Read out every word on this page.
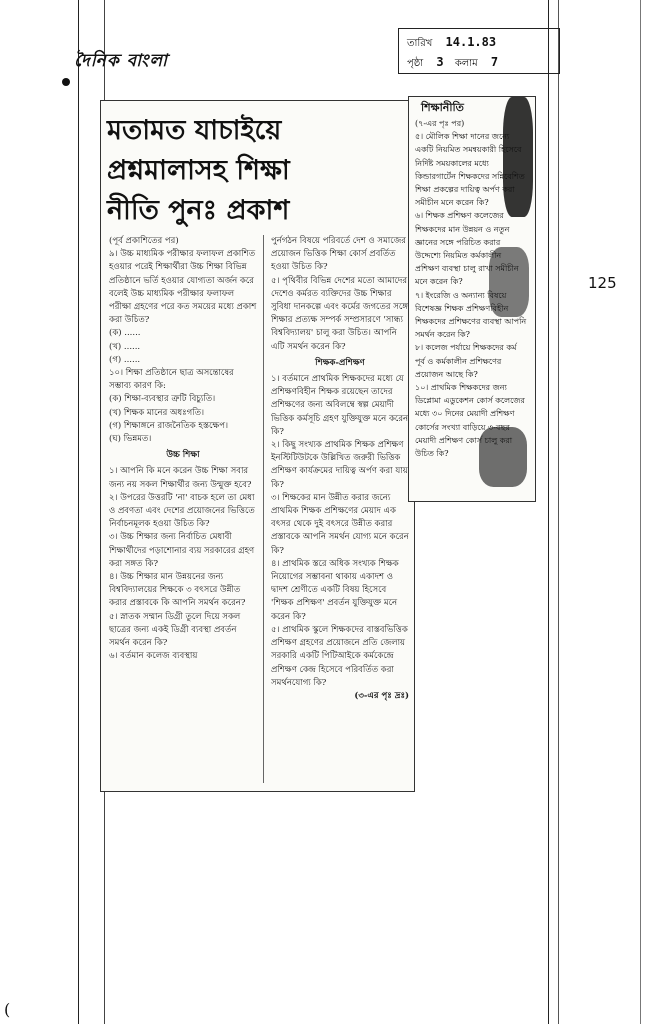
দৈনিক বাংলা
তারিখ 14.1.83
পৃষ্ঠা 3 কলাম 7
মতামত যাচাইয়ে
প্রশ্নমালাসহ শিক্ষা
নীতি পুনঃ প্রকাশ

(পূর্ব প্রকাশিতের পর)

৯। উচ্চ মাধ্যমিক পরীক্ষার ফলাফল প্রকাশিত হওয়ার পরেই শিক্ষার্থীরা উচ্চ শিক্ষা বিভিন্ন প্রতিষ্ঠানে ভর্তি হওয়ার যোগ্যতা অর্জন করে বলেই উচ্চ মাধ্যমিক পরীক্ষার ফলাফল পরীক্ষা গ্রহণের পরে কত সময়ের মধ্যে প্রকাশ করা উচিত?

(ক) ......

(খ) ......

(গ) ......

১০। শিক্ষা প্রতিষ্ঠানে ছাত্র অসন্তোষের সম্ভাব্য কারণ কি:

(ক) শিক্ষা-ব্যবস্থার ত্রুটি বিচ্যুতি।

(খ) শিক্ষক মানের অধঃগতি।

(গ) শিক্ষাঙ্গনে রাজনৈতিক হস্তক্ষেপ।

(ঘ) ভিন্নমত।

উচ্চ শিক্ষা

১। আপনি কি মনে করেন উচ্চ শিক্ষা সবার জন্য নয় সকল শিক্ষার্থীর জন্য উন্মুক্ত হবে?

২। উপরের উত্তরটি 'না' বাচক হলে তা মেধা ও প্রবণতা এবং দেশের প্রয়োজনের ভিত্তিতে নির্বাচনমূলক হওয়া উচিত কি?

৩। উচ্চ শিক্ষার জন্য নির্বাচিত মেধাবী শিক্ষার্থীদের পড়াশোনার ব্যয় সরকারের গ্রহণ করা সঙ্গত কি?

৪। উচ্চ শিক্ষার মান উন্নয়নের জন্য বিশ্ববিদ্যালয়ের শিক্ষকে ৩ বৎসরে উন্নীত করার প্রস্তাবকে কি আপনি সমর্থন করেন?

৫। স্নাতক সম্মান ডিগ্রী তুলে দিয়ে সকল ছাত্রের জন্য একই ডিগ্রী ব্যবস্থা প্রবর্তন সমর্থন করেন কি?

৬। বর্তমান কলেজ ব্যবস্থায়

পুর্নগঠন বিষয়ে পরিবর্তে দেশ ও সমাজের প্রয়োজন ভিত্তিক শিক্ষা কোর্স প্রবর্তিত হওয়া উচিত কি?

৫। পৃথিবীর বিভিন্ন দেশের মতো আমাদের দেশেও কর্মরত ব্যক্তিদের উচ্চ শিক্ষার সুবিধা দানকল্পে এবং কর্মের জগতের সঙ্গে শিক্ষার প্রত্যক্ষ সম্পর্ক সম্প্রসারণে 'সান্ধ্য বিশ্ববিদ্যালয়' চালু করা উচিত। আপনি এটি সমর্থন করেন কি?

শিক্ষক-প্রশিক্ষণ

১। বর্তমানে প্রাথমিক শিক্ষকদের মধ্যে যে প্রশিক্ষণবিহীন শিক্ষক রয়েছেন তাদের প্রশিক্ষণের জন্য অবিলম্বে স্বল্প মেয়াদী ভিত্তিক কর্মসূচি গ্রহণ যুক্তিযুক্ত মনে করেন কি?

২। কিছু সংখ্যক প্রাথমিক শিক্ষক প্রশিক্ষণ ইনস্টিটিউটকে উল্লিখিত জরুরী ভিত্তিক প্রশিক্ষণ কার্যক্রমের দায়িত্ব অর্পণ করা যায় কি?

৩। শিক্ষকের মান উন্নীত করার জন্যে প্রাথমিক শিক্ষক প্রশিক্ষণের মেয়াদ এক বৎসর থেকে দুই বৎসরে উন্নীত করার প্রস্তাবকে আপনি সমর্থন যোগ্য মনে করেন কি?

৪। প্রাথমিক স্তরে অধিক সংখ্যক শিক্ষক নিয়োগের সম্ভাবনা থাকায় একাদশ ও দ্বাদশ শ্রেণীতে একটি বিষয় হিসেবে 'শিক্ষক প্রশিক্ষণ' প্রবর্তন যুক্তিযুক্ত মনে করেন কি?

৫। প্রাথমিক স্কুলে শিক্ষকদের বাস্তবভিত্তিক প্রশিক্ষণ গ্রহণের প্রয়োজনে প্রতি জেলায় সরকারি একটি পিটিআইকে কর্মকেন্দ্রে প্রশিক্ষণ কেন্দ্র হিসেবে পরিবর্তিত করা সমর্থনযোগ্য কি?

(৩-এর পৃঃ দ্রঃ)

শিক্ষানীতি

(৭-এর পৃঃ পর)

৫। মৌলিক শিক্ষা দানের জন্যে একটি নিয়মিত সমন্বয়কারী হিসেবে নির্দিষ্ট সময়কালের মধ্যে কিন্ডারগার্টেন শিক্ষকদের সন্নিবেশিত শিক্ষা প্রকল্পের দায়িত্ব অর্পণ করা সমীচীন মনে করেন কি?

৬। শিক্ষক প্রশিক্ষণ কলেজের শিক্ষকদের মান উন্নয়ন ও নতুন জ্ঞানের সঙ্গে পরিচিত করার উদ্দেশ্যে নিয়মিত কর্মকালীন প্রশিক্ষণ ব্যবস্থা চালু রাখা সমীচীন মনে করেন কি?

৭। ইংরেজি ও অন্যান্য বিষয়ে বিশেষজ্ঞ শিক্ষক প্রশিক্ষণবিহীন শিক্ষকদের প্রশিক্ষণের ব্যবস্থা আপনি সমর্থন করেন কি?

৮। কলেজ পর্যায়ে শিক্ষকদের কর্ম পূর্ব ও কর্মকালীন প্রশিক্ষণের প্রয়োজন আছে কি?

১০। প্রাথমিক শিক্ষকদের জন্য ডিপ্লোমা এডুকেশন কোর্স কলেজের মধ্যে ৩০ দিনের মেয়াদী প্রশিক্ষণ কোর্সের সংখ্যা বাড়িয়ে ৩-বছর মেয়াদী প্রশিক্ষণ কোর্স চালু করা উচিত কি?

125
(
